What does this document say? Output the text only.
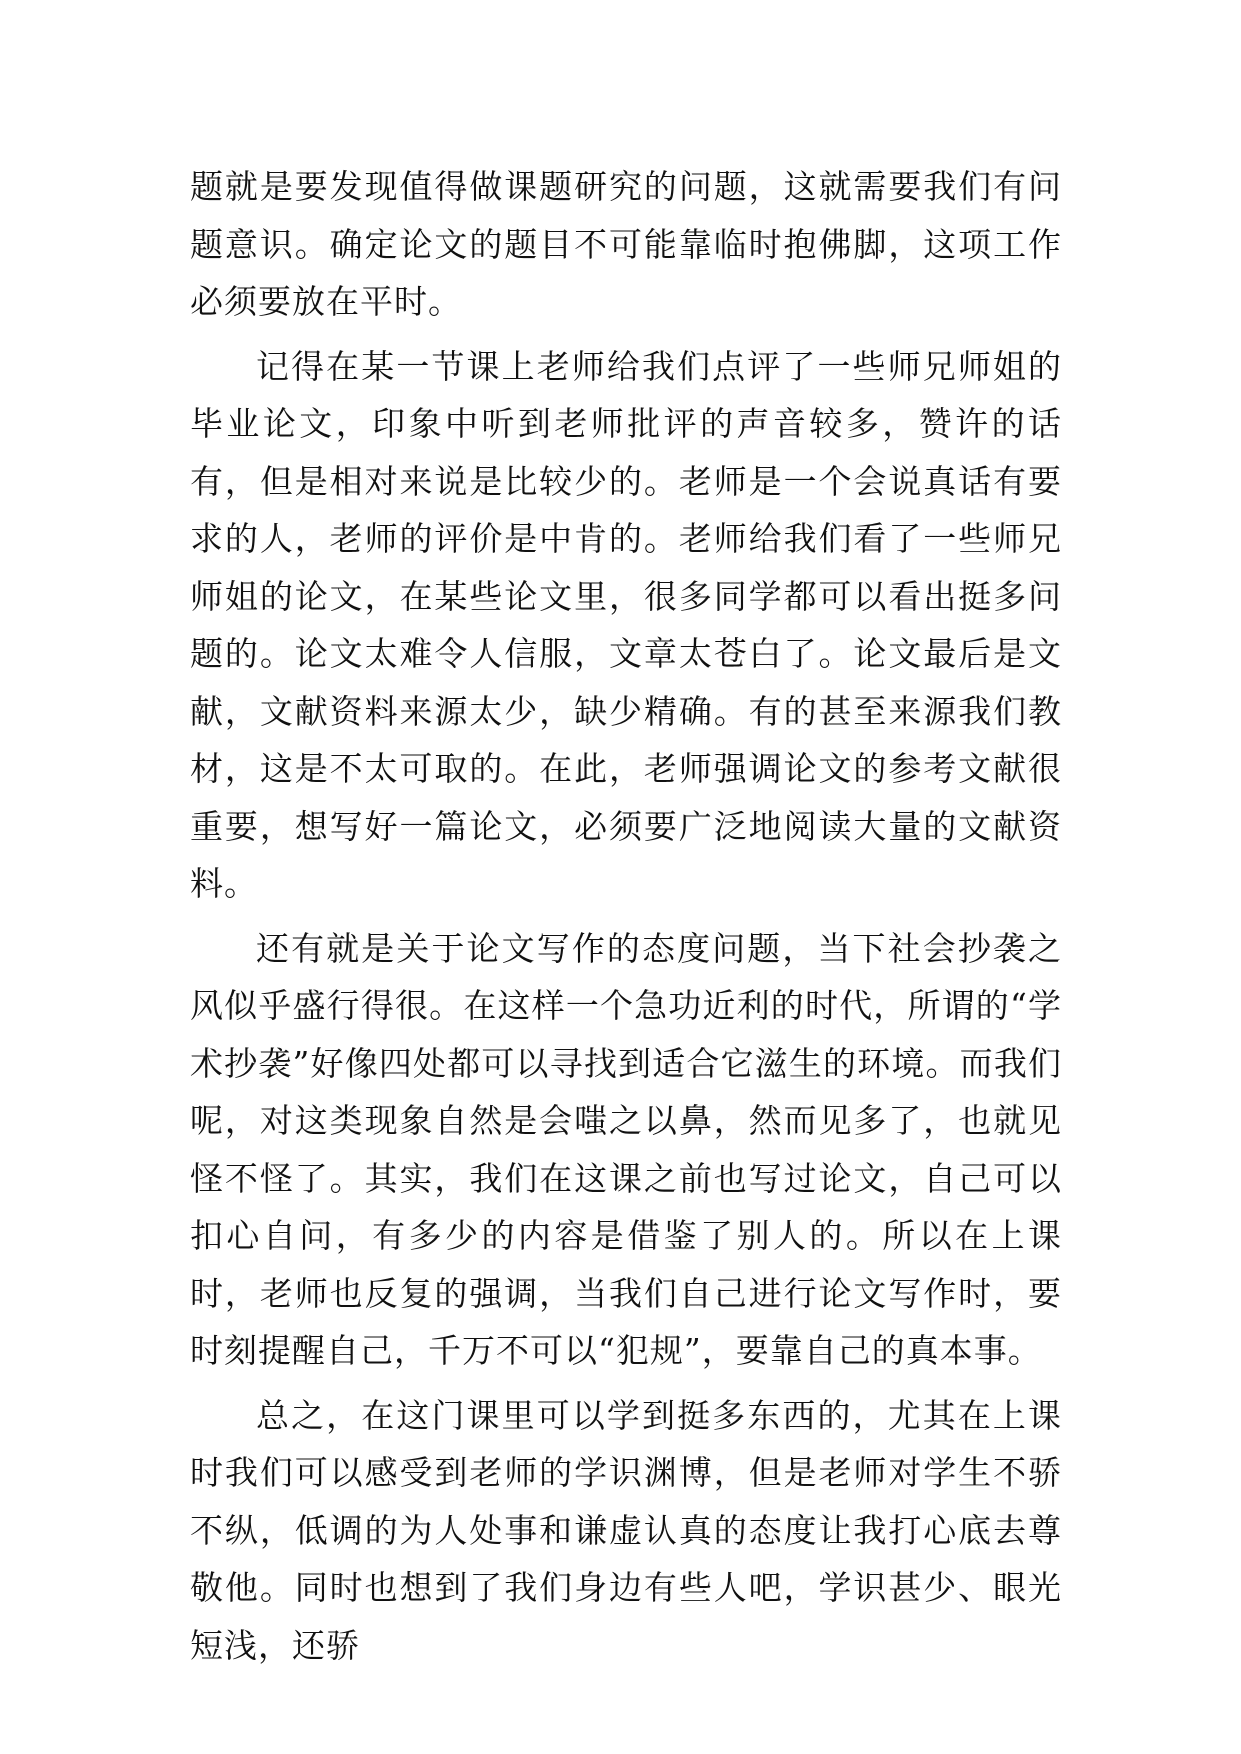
题就是要发现值得做课题研究的问题，这就需要我们有问题意识。确定论文的题目不可能靠临时抱佛脚，这项工作必须要放在平时。

记得在某一节课上老师给我们点评了一些师兄师姐的毕业论文，印象中听到老师批评的声音较多，赞许的话有，但是相对来说是比较少的。老师是一个会说真话有要求的人，老师的评价是中肯的。老师给我们看了一些师兄师姐的论文，在某些论文里，很多同学都可以看出挺多问题的。论文太难令人信服，文章太苍白了。论文最后是文献，文献资料来源太少，缺少精确。有的甚至来源我们教材，这是不太可取的。在此，老师强调论文的参考文献很重要，想写好一篇论文，必须要广泛地阅读大量的文献资料。

还有就是关于论文写作的态度问题，当下社会抄袭之风似乎盛行得很。在这样一个急功近利的时代，所谓的“学术抄袭”好像四处都可以寻找到适合它滋生的环境。而我们呢，对这类现象自然是会嗤之以鼻，然而见多了，也就见怪不怪了。其实，我们在这课之前也写过论文，自己可以扣心自问，有多少的内容是借鉴了别人的。所以在上课时，老师也反复的强调，当我们自己进行论文写作时，要时刻提醒自己，千万不可以“犯规”，要靠自己的真本事。

总之，在这门课里可以学到挺多东西的，尤其在上课时我们可以感受到老师的学识渊博，但是老师对学生不骄不纵，低调的为人处事和谦虚认真的态度让我打心底去尊敬他。同时也想到了我们身边有些人吧，学识甚少、眼光短浅，还骄
